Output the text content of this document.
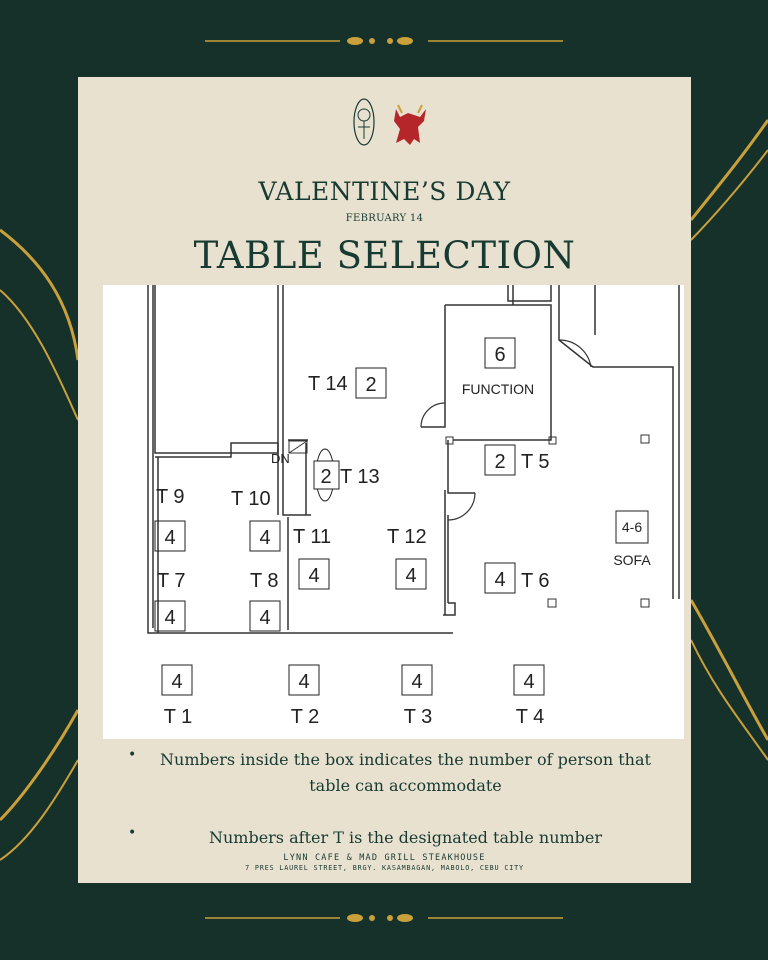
VALENTINE’S DAY
FEBRUARY 14
TABLE SELECTION
DN
T 14 2
2 T 13
6
FUNCTION
2 T 5
T 9
4
T 10
4 T 11
4
T 12
4
T 7
4
T 8
4
4 T 6
4-6
SOFA
4
T 1
4
T 2
4
T 3
4
T 4
•	Numbers inside the box indicates the number of person that table can accommodate
•	Numbers after T is the designated table number
LYNN CAFE & MAD GRILL STEAKHOUSE
7 PRES LAUREL STREET, BRGY. KASAMBAGAN, MABOLO, CEBU CITY
